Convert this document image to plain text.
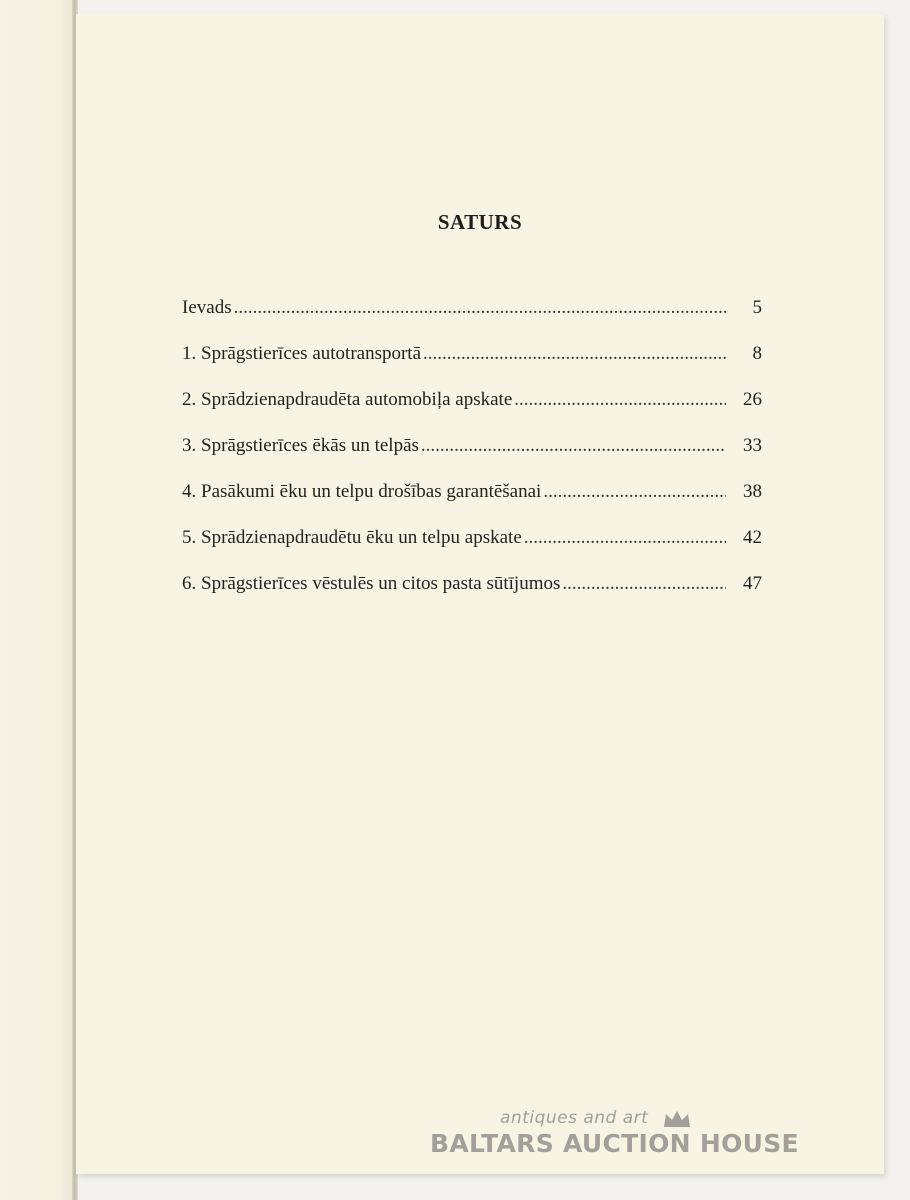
SATURS
Ievads .....	5
1. Sprāgstierīces autotransportā .....	8
2. Sprādzienapdraudēta automobiļa apskate .....	26
3. Sprāgstierīces ēkās un telpās .....	33
4. Pasākumi ēku un telpu drošības garantēšanai .....	38
5. Sprādzienapdraudētu ēku un telpu apskate .....	42
6. Sprāgstierīces vēstulēs un citos pasta sūtījumos .....	47
antiques and art
BALTARS AUCTION HOUSE
